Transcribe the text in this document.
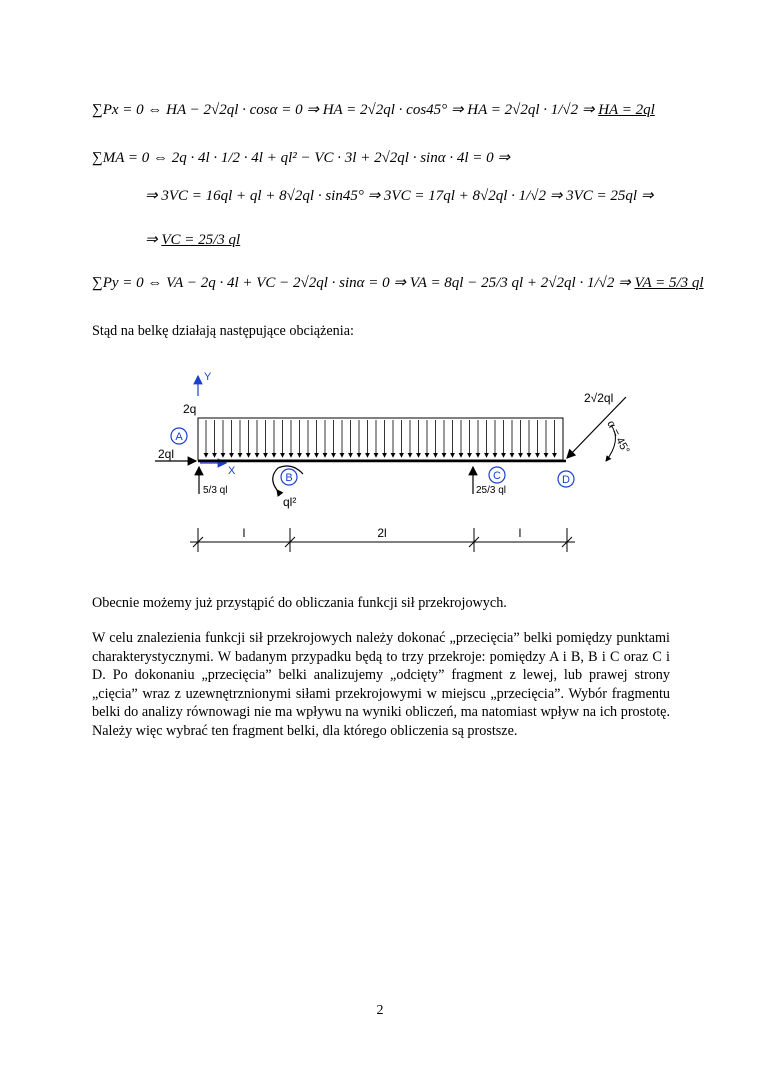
∑Px = 0 ⇔ HA − 2√2ql · cosα = 0 ⇒ HA = 2√2ql · cos45° ⇒ HA = 2√2ql · 1/√2 ⇒ HA = 2ql
∑MA = 0 ⇔ 2q · 4l · 1/2 · 4l + ql² − VC · 3l + 2√2ql · sinα · 4l = 0 ⇒
⇒ 3VC = 16ql + ql + 8√2ql · sin45° ⇒ 3VC = 17ql + 8√2ql · 1/√2 ⇒ 3VC = 25ql ⇒
⇒ VC = 25/3 ql
∑Py = 0 ⇔ VA − 2q · 4l + VC − 2√2ql · sinα = 0 ⇒ VA = 8ql − 25/3 ql + 2√2ql · 1/√2 ⇒ VA = 5/3 ql
Stąd na belkę działają następujące obciążenia:
Y
X
2q
2√2ql
α = 45°
2ql
A
B	C	D
5/3 ql	25/3 ql
ql²
l	2l	l
Obecnie możemy już przystąpić do obliczania funkcji sił przekrojowych.
W celu znalezienia funkcji sił przekrojowych należy dokonać „przecięcia” belki pomiędzy punktami charakterystycznymi. W badanym przypadku będą to trzy przekroje: pomiędzy A i B, B i C oraz C i D. Po dokonaniu „przecięcia” belki analizujemy „odcięty” fragment z lewej, lub prawej strony „cięcia” wraz z uzewnętrznionymi siłami przekrojowymi w miejscu „przecięcia”. Wybór fragmentu belki do analizy równowagi nie ma wpływu na wyniki obliczeń, ma natomiast wpływ na ich prostotę. Należy więc wybrać ten fragment belki, dla którego obliczenia są prostsze.
2
